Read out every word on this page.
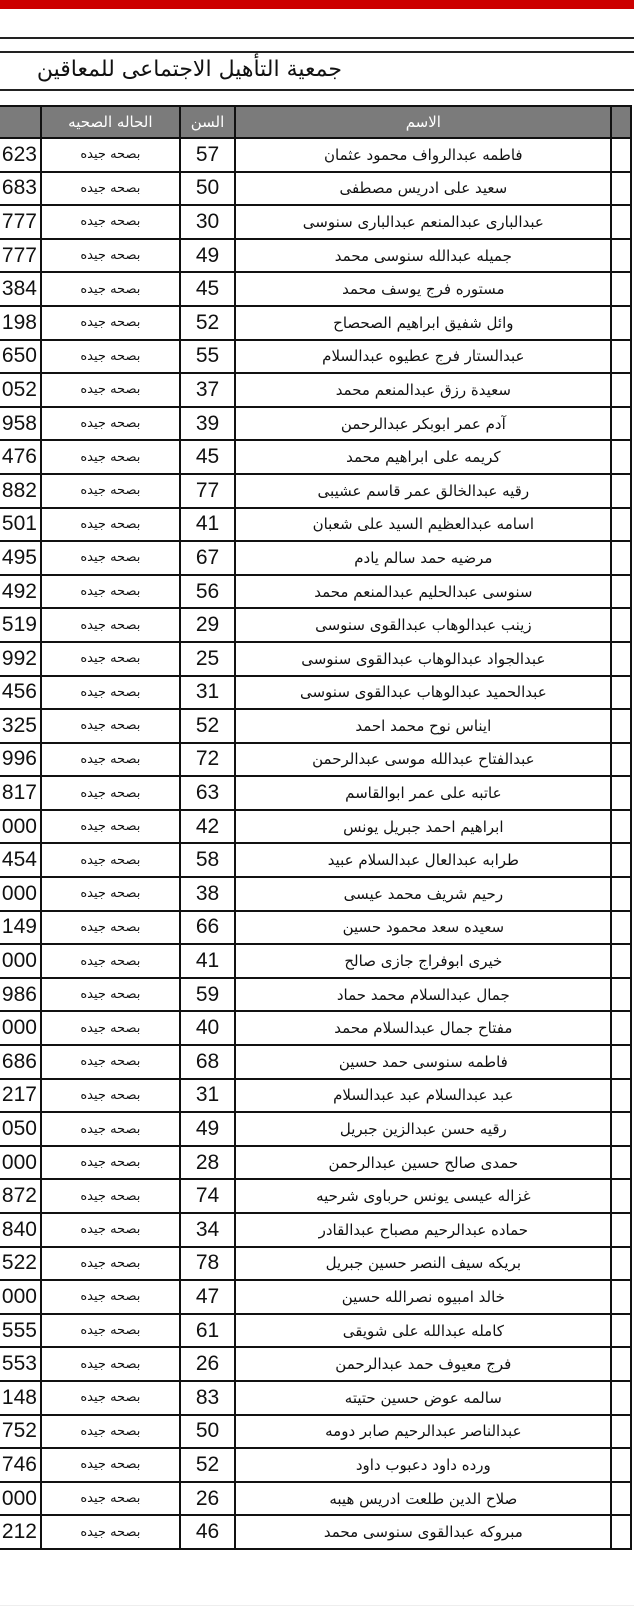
جمعية التأهيل الاجتماعى للمعاقين
	الحاله الصحيه	السن	الاسم	
623	بصحه جيده	57	فاطمه عبدالرواف محمود عثمان	
683	بصحه جيده	50	سعيد على ادريس مصطفى	
777	بصحه جيده	30	عبدالبارى عبدالمنعم عبدالبارى سنوسى	
777	بصحه جيده	49	جميله عبدالله سنوسى محمد	
384	بصحه جيده	45	مستوره فرج يوسف محمد	
198	بصحه جيده	52	وائل شفيق ابراهيم الصحصاح	
650	بصحه جيده	55	عبدالستار فرج عطيوه عبدالسلام	
052	بصحه جيده	37	سعيدة رزق عبدالمنعم محمد	
958	بصحه جيده	39	آدم عمر ابوبكر عبدالرحمن	
476	بصحه جيده	45	كريمه على ابراهيم محمد	
882	بصحه جيده	77	رقيه عبدالخالق عمر قاسم عشيبى	
501	بصحه جيده	41	اسامه عبدالعظيم السيد على شعبان	
495	بصحه جيده	67	مرضيه حمد سالم يادم	
492	بصحه جيده	56	سنوسى عبدالحليم عبدالمنعم محمد	
519	بصحه جيده	29	زينب عبدالوهاب عبدالقوى سنوسى	
992	بصحه جيده	25	عبدالجواد عبدالوهاب عبدالقوى سنوسى	
456	بصحه جيده	31	عبدالحميد عبدالوهاب عبدالقوى سنوسى	
325	بصحه جيده	52	ايناس نوح محمد احمد	
996	بصحه جيده	72	عبدالفتاح عبدالله موسى عبدالرحمن	
817	بصحه جيده	63	عاتبه على عمر ابوالقاسم	
000	بصحه جيده	42	ابراهيم احمد جبريل يونس	
454	بصحه جيده	58	طرابه عبدالعال عبدالسلام عبيد	
000	بصحه جيده	38	رحيم شريف محمد عيسى	
149	بصحه جيده	66	سعيده سعد محمود حسين	
000	بصحه جيده	41	خيرى ابوفراج جازى صالح	
986	بصحه جيده	59	جمال عبدالسلام محمد حماد	
000	بصحه جيده	40	مفتاح جمال عبدالسلام محمد	
686	بصحه جيده	68	فاطمه سنوسى حمد حسين	
217	بصحه جيده	31	عبد عبدالسلام عبد عبدالسلام	
050	بصحه جيده	49	رقيه حسن عبدالزين جبريل	
000	بصحه جيده	28	حمدى صالح حسين عبدالرحمن	
872	بصحه جيده	74	غزاله عيسى يونس حرباوى شرحيه	
840	بصحه جيده	34	حماده عبدالرحيم مصباح عبدالقادر	
522	بصحه جيده	78	بريكه سيف النصر حسين جبريل	
000	بصحه جيده	47	خالد امبيوه نصرالله حسين	
555	بصحه جيده	61	كامله عبدالله على شويقى	
553	بصحه جيده	26	فرج معيوف حمد عبدالرحمن	
148	بصحه جيده	83	سالمه عوض حسين حتيته	
752	بصحه جيده	50	عبدالناصر عبدالرحيم صابر دومه	
746	بصحه جيده	52	ورده داود دعبوب داود	
000	بصحه جيده	26	صلاح الدين طلعت ادريس هيبه	
212	بصحه جيده	46	مبروكه عبدالقوى سنوسى محمد	
